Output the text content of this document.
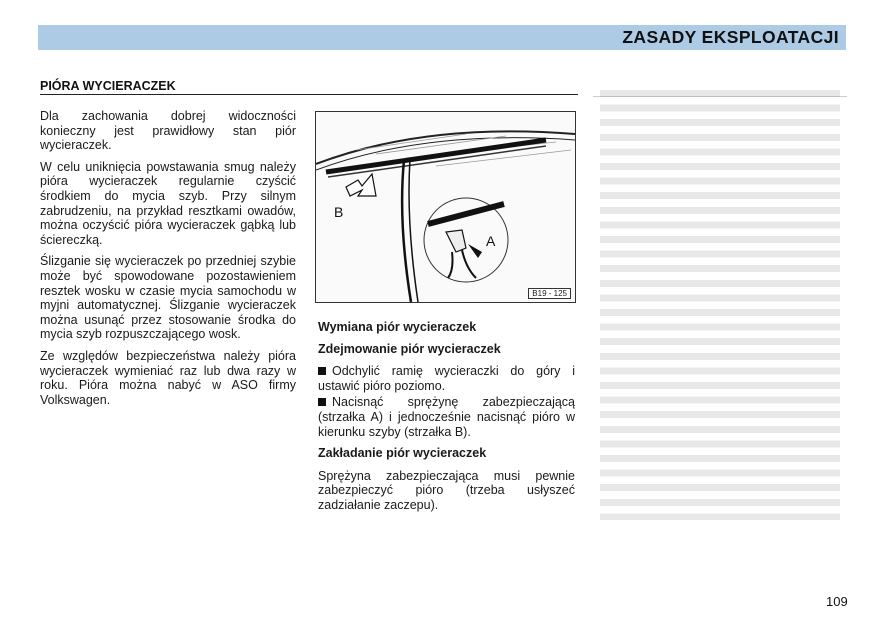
ZASADY EKSPLOATACJI
PIÓRA WYCIERACZEK

Dla zachowania dobrej widoczności konieczny jest prawidłowy stan piór wycieraczek.

W celu uniknięcia powstawania smug należy pióra wycieraczek regularnie czyścić środkiem do mycia szyb. Przy silnym zabrudzeniu, na przykład resztkami owadów, można oczyścić pióra wycieraczek gąbką lub ściereczką.

Ślizganie się wycieraczek po przedniej szybie może być spowodowane pozostawieniem resztek wosku w czasie mycia samochodu w myjni automatycznej. Ślizganie wycieraczek można usunąć przez stosowanie środka do mycia szyb rozpuszczającego wosk.

Ze względów bezpieczeństwa należy pióra wycieraczek wymieniać raz lub dwa razy w roku. Pióra można nabyć w ASO firmy Volkswagen.

B
A
B19 - 125
Wymiana piór wycieraczek
Zdejmowanie piór wycieraczek

Odchylić ramię wycieraczki do góry i ustawić pióro poziomo.

Nacisnąć sprężynę zabezpieczającą (strzałka A) i jednocześnie nacisnąć pióro w kierunku szyby (strzałka B).

Zakładanie piór wycieraczek

Sprężyna zabezpieczająca musi pewnie zabezpieczyć pióro (trzeba usłyszeć zadziałanie zaczepu).

109
